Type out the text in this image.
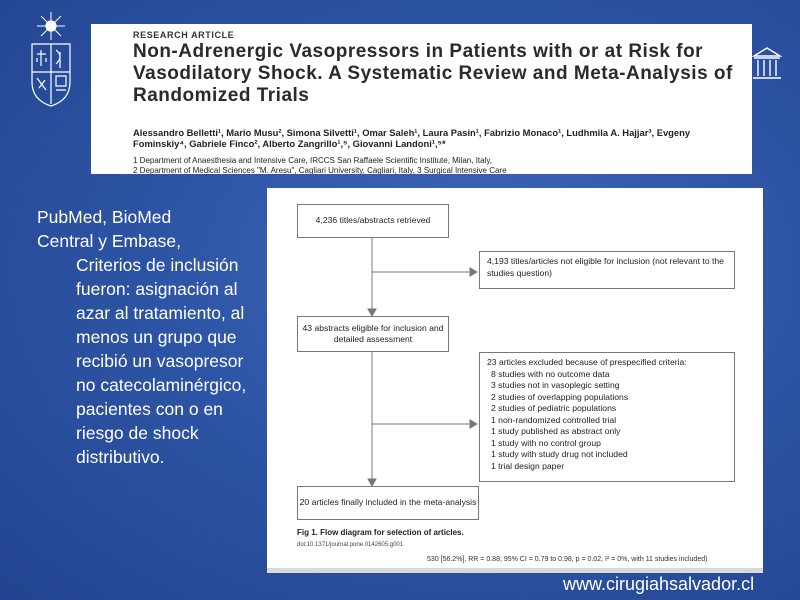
RESEARCH ARTICLE
Non-Adrenergic Vasopressors in Patients with or at Risk for Vasodilatory Shock. A Systematic Review and Meta-Analysis of Randomized Trials
Alessandro Belletti¹, Mario Musu², Simona Silvetti¹, Omar Saleh¹, Laura Pasin¹, Fabrizio Monaco¹, Ludhmila A. Hajjar³, Evgeny Fominskiy⁴, Gabriele Finco², Alberto Zangrillo¹,⁵, Giovanni Landoni¹,⁵*
1 Department of Anaesthesia and Intensive Care, IRCCS San Raffaele Scientific Institute, Milan, Italy,
2 Department of Medical Sciences "M. Aresu", Cagliari University, Cagliari, Italy, 3 Surgical Intensive Care
PubMed, BioMed
Central y Embase,
Criterios de inclusión fueron: asignación al azar al tratamiento, al menos un grupo que recibió un vasopresor no catecolaminérgico, pacientes con o en riesgo de shock distributivo.
4,236 titles/abstracts retrieved
4,193 titles/articles not eligible for inclusion (not relevant to the studies question)
43 abstracts eligible for inclusion and detailed assessment
23 articles excluded because of prespecified criteria:
8 studies with no outcome data
3 studies not in vasoplegic setting
2 studies of overlapping populations
2 studies of pediatric populations
1 non-randomized controlled trial
1 study published as abstract only
1 study with no control group
1 study with study drug not included
1 trial design paper
20 articles finally included in the meta-analysis
Fig 1. Flow diagram for selection of articles.
doi:10.1371/journal.pone.0142605.g001
530 [56.2%], RR = 0.88, 95% CI = 0.79 to 0.98, p = 0.02, I² = 0%, with 11 studies included)
www.cirugiahsalvador.cl
